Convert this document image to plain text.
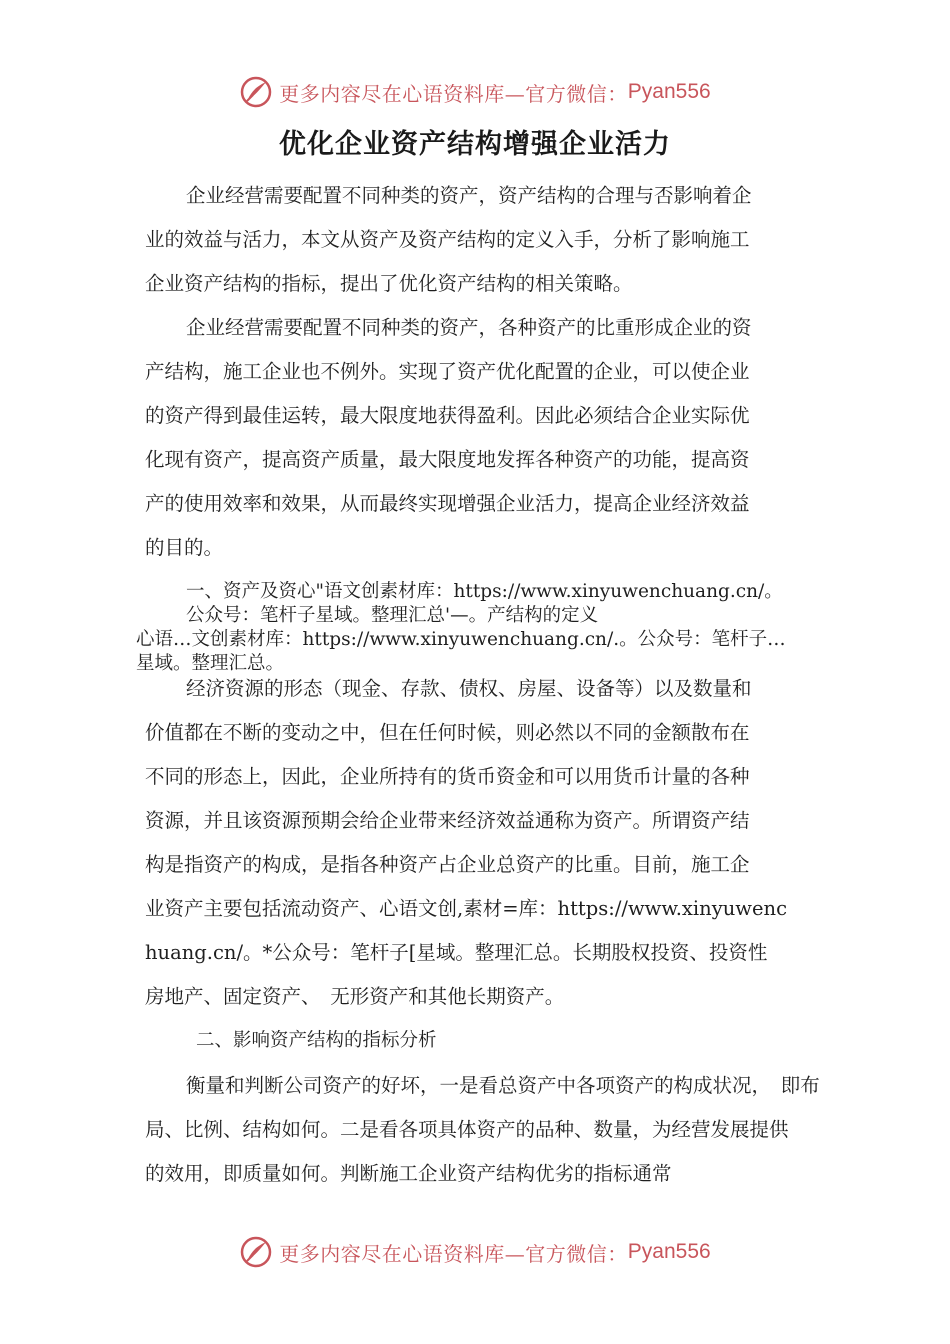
更多内容尽在心语资料库—官方微信： Pyan556
优化企业资产结构增强企业活力
企业经营需要配置不同种类的资产，资产结构的合理与否影响着企
业的效益与活力，本文从资产及资产结构的定义入手，分析了影响施工
企业资产结构的指标，提出了优化资产结构的相关策略。
企业经营需要配置不同种类的资产，各种资产的比重形成企业的资
产结构，施工企业也不例外。实现了资产优化配置的企业，可以使企业
的资产得到最佳运转，最大限度地获得盈利。因此必须结合企业实际优
化现有资产，提高资产质量，最大限度地发挥各种资产的功能，提高资
产的使用效率和效果，从而最终实现增强企业活力，提高企业经济效益
的目的。
一、资产及资心"语文创素材库：https://www.xinyuwenchuang.cn/。
公众号：笔杆子星域。整理汇总'—。产结构的定义
心语…文创素材库：https://www.xinyuwenchuang.cn/.。公众号：笔杆子…
星域。整理汇总。
经济资源的形态（现金、存款、债权、房屋、设备等）以及数量和
价值都在不断的变动之中，但在任何时候，则必然以不同的金额散布在
不同的形态上，因此，企业所持有的货币资金和可以用货币计量的各种
资源，并且该资源预期会给企业带来经济效益通称为资产。所谓资产结
构是指资产的构成，是指各种资产占企业总资产的比重。目前，施工企
业资产主要包括流动资产、心语文创,素材=库：https://www.xinyuwenc
huang.cn/。*公众号：笔杆子[星域。整理汇总。长期股权投资、投资性
房地产、固定资产、　无形资产和其他长期资产。
二、影响资产结构的指标分析
衡量和判断公司资产的好坏，一是看总资产中各项资产的构成状况，　即布
局、比例、结构如何。二是看各项具体资产的品种、数量，为经营发展提供
的效用，即质量如何。判断施工企业资产结构优劣的指标通常
更多内容尽在心语资料库—官方微信： Pyan556
